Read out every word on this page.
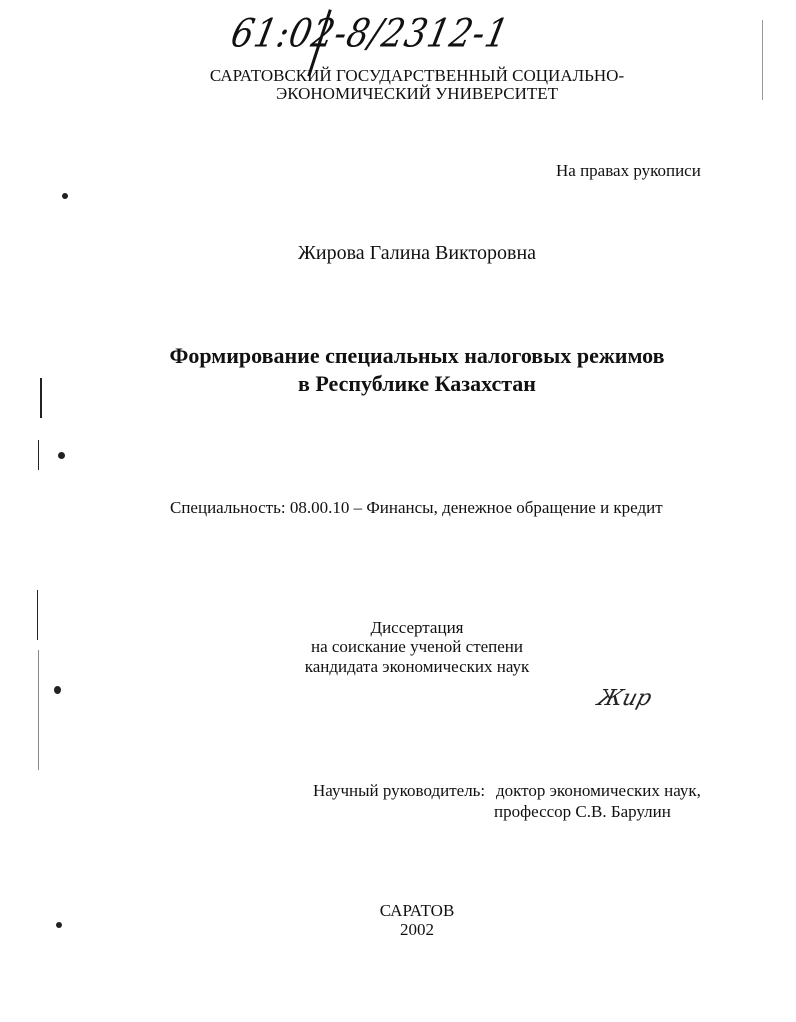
61:02-8/2312-1
САРАТОВСКИЙ ГОСУДАРСТВЕННЫЙ СОЦИАЛЬНО-
ЭКОНОМИЧЕСКИЙ УНИВЕРСИТЕТ
На правах рукописи
Жирова Галина Викторовна
Формирование специальных налоговых режимов
в Республике Казахстан
Специальность: 08.00.10 – Финансы, денежное обращение и кредит
Диссертация
на соискание ученой степени
кандидата экономических наук
Жир
Научный руководитель: доктор экономических наук,
профессор С.В. Барулин
САРАТОВ
2002
